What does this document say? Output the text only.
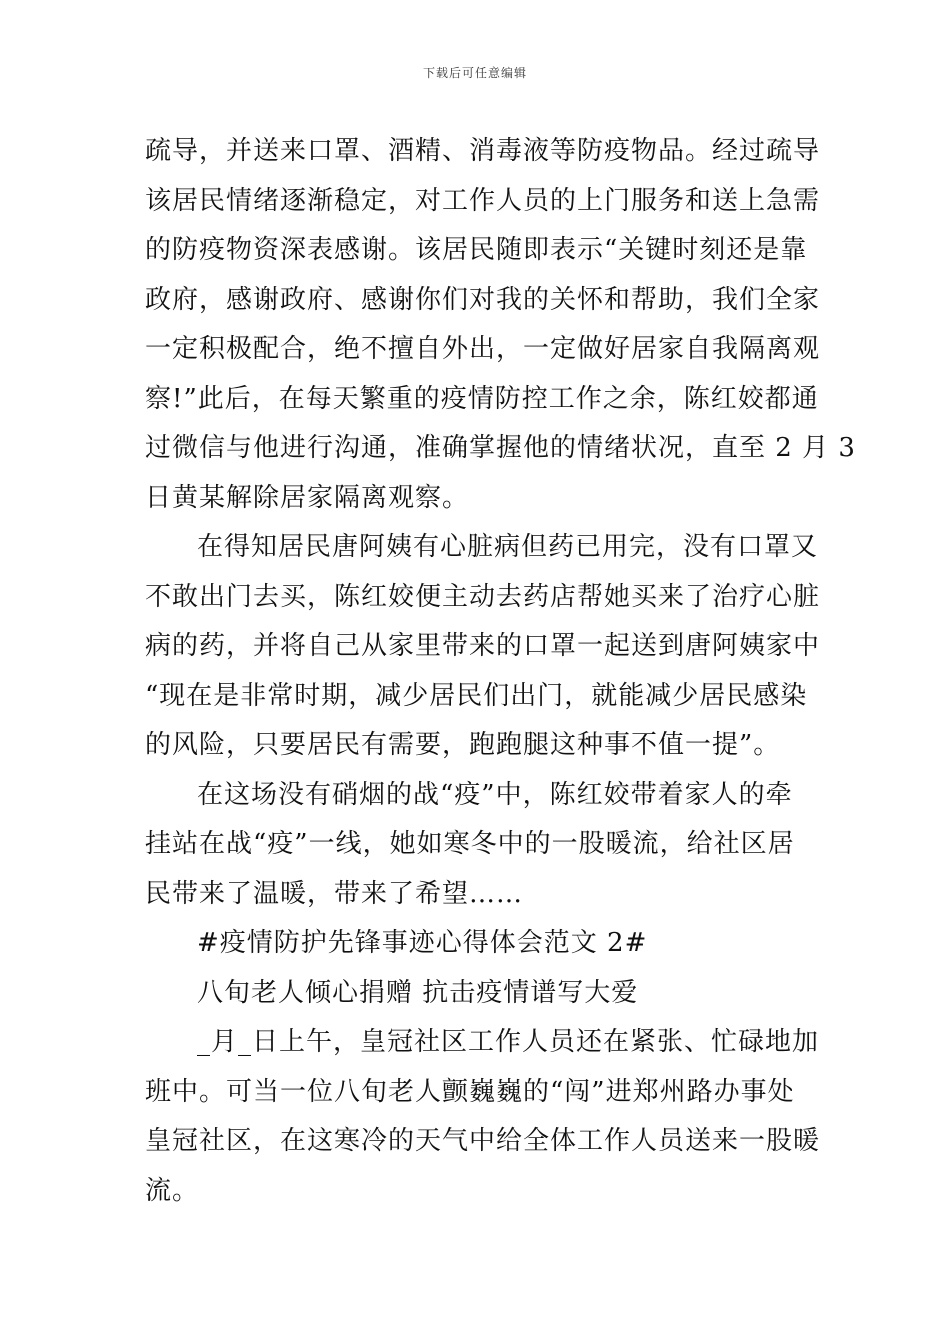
下载后可任意编辑
疏导，并送来口罩、酒精、消毒液等防疫物品。经过疏导
该居民情绪逐渐稳定，对工作人员的上门服务和送上急需
的防疫物资深表感谢。该居民随即表示“关键时刻还是靠
政府，感谢政府、感谢你们对我的关怀和帮助，我们全家
一定积极配合，绝不擅自外出，一定做好居家自我隔离观
察!”此后，在每天繁重的疫情防控工作之余，陈红姣都通
过微信与他进行沟通，准确掌握他的情绪状况，直至 2 月 3
日黄某解除居家隔离观察。
在得知居民唐阿姨有心脏病但药已用完，没有口罩又
不敢出门去买，陈红姣便主动去药店帮她买来了治疗心脏
病的药，并将自己从家里带来的口罩一起送到唐阿姨家中
“现在是非常时期，减少居民们出门，就能减少居民感染
的风险，只要居民有需要，跑跑腿这种事不值一提”。
在这场没有硝烟的战“疫”中，陈红姣带着家人的牵
挂站在战“疫”一线，她如寒冬中的一股暖流，给社区居
民带来了温暖，带来了希望……
#疫情防护先锋事迹心得体会范文 2#
八旬老人倾心捐赠 抗击疫情谱写大爱
_月_日上午，皇冠社区工作人员还在紧张、忙碌地加
班中。可当一位八旬老人颤巍巍的“闯”进郑州路办事处
皇冠社区，在这寒冷的天气中给全体工作人员送来一股暖
流。
